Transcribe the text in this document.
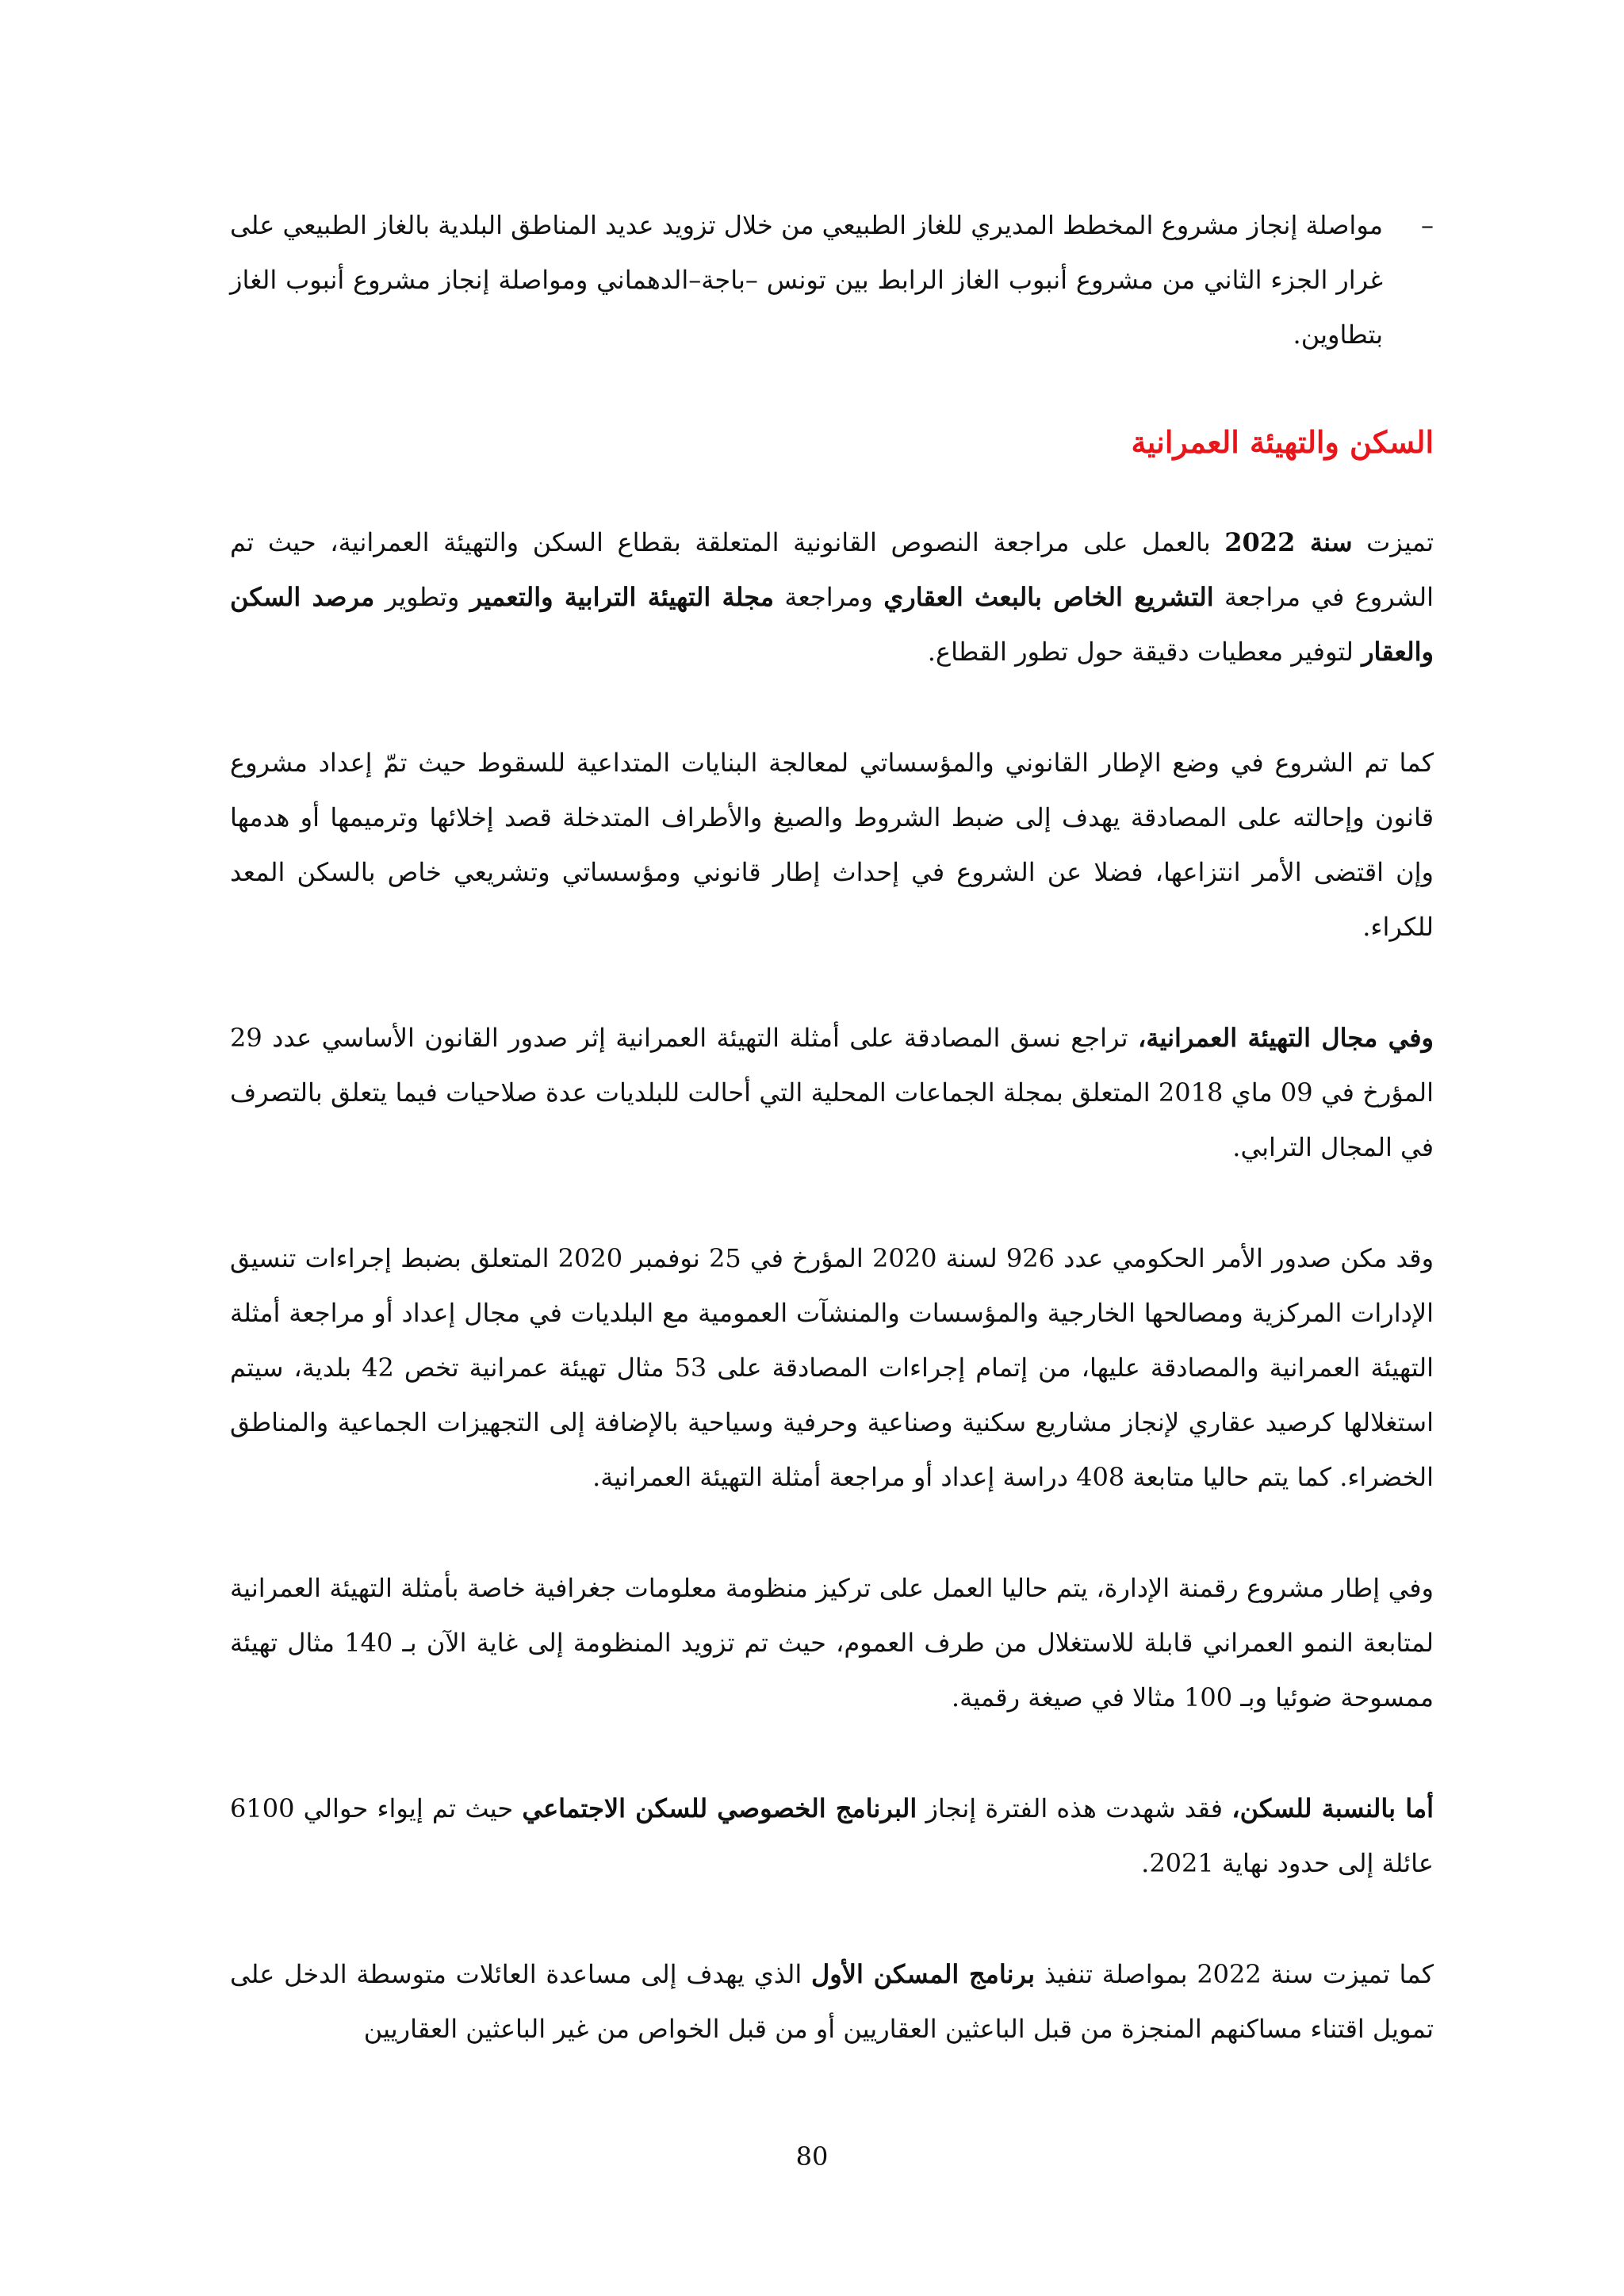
–
مواصلة إنجاز مشروع المخطط المديري للغاز الطبيعي من خلال تزويد عديد المناطق البلدية بالغاز الطبيعي على غرار الجزء الثاني من مشروع أنبوب الغاز الرابط بين تونس –باجة–الدهماني ومواصلة إنجاز مشروع أنبوب الغاز بتطاوين.

السكن والتهيئة العمرانية

تميزت سنة 2022 بالعمل على مراجعة النصوص القانونية المتعلقة بقطاع السكن والتهيئة العمرانية، حيث تم الشروع في مراجعة التشريع الخاص بالبعث العقاري ومراجعة مجلة التهيئة الترابية والتعمير وتطوير مرصد السكن والعقار لتوفير معطيات دقيقة حول تطور القطاع.

كما تم الشروع في وضع الإطار القانوني والمؤسساتي لمعالجة البنايات المتداعية للسقوط حيث تمّ إعداد مشروع قانون وإحالته على المصادقة يهدف إلى ضبط الشروط والصيغ والأطراف المتدخلة قصد إخلائها وترميمها أو هدمها وإن اقتضى الأمر انتزاعها، فضلا عن الشروع في إحداث إطار قانوني ومؤسساتي وتشريعي خاص بالسكن المعد للكراء.

وفي مجال التهيئة العمرانية، تراجع نسق المصادقة على أمثلة التهيئة العمرانية إثر صدور القانون الأساسي عدد 29 المؤرخ في 09 ماي 2018 المتعلق بمجلة الجماعات المحلية التي أحالت للبلديات عدة صلاحيات فيما يتعلق بالتصرف في المجال الترابي.

وقد مكن صدور الأمر الحكومي عدد 926 لسنة 2020 المؤرخ في 25 نوفمبر 2020 المتعلق بضبط إجراءات تنسيق الإدارات المركزية ومصالحها الخارجية والمؤسسات والمنشآت العمومية مع البلديات في مجال إعداد أو مراجعة أمثلة التهيئة العمرانية والمصادقة عليها، من إتمام إجراءات المصادقة على 53 مثال تهيئة عمرانية تخص 42 بلدية، سيتم استغلالها كرصيد عقاري لإنجاز مشاريع سكنية وصناعية وحرفية وسياحية بالإضافة إلى التجهيزات الجماعية والمناطق الخضراء. كما يتم حاليا متابعة 408 دراسة إعداد أو مراجعة أمثلة التهيئة العمرانية.

وفي إطار مشروع رقمنة الإدارة، يتم حاليا العمل على تركيز منظومة معلومات جغرافية خاصة بأمثلة التهيئة العمرانية لمتابعة النمو العمراني قابلة للاستغلال من طرف العموم، حيث تم تزويد المنظومة إلى غاية الآن بـ 140 مثال تهيئة ممسوحة ضوئيا وبـ 100 مثالا في صيغة رقمية.

أما بالنسبة للسكن، فقد شهدت هذه الفترة إنجاز البرنامج الخصوصي للسكن الاجتماعي حيث تم إيواء حوالي 6100 عائلة إلى حدود نهاية 2021.

كما تميزت سنة 2022 بمواصلة تنفيذ برنامج المسكن الأول الذي يهدف إلى مساعدة العائلات متوسطة الدخل على تمويل اقتناء مساكنهم المنجزة من قبل الباعثين العقاريين أو من قبل الخواص من غير الباعثين العقاريين

80
